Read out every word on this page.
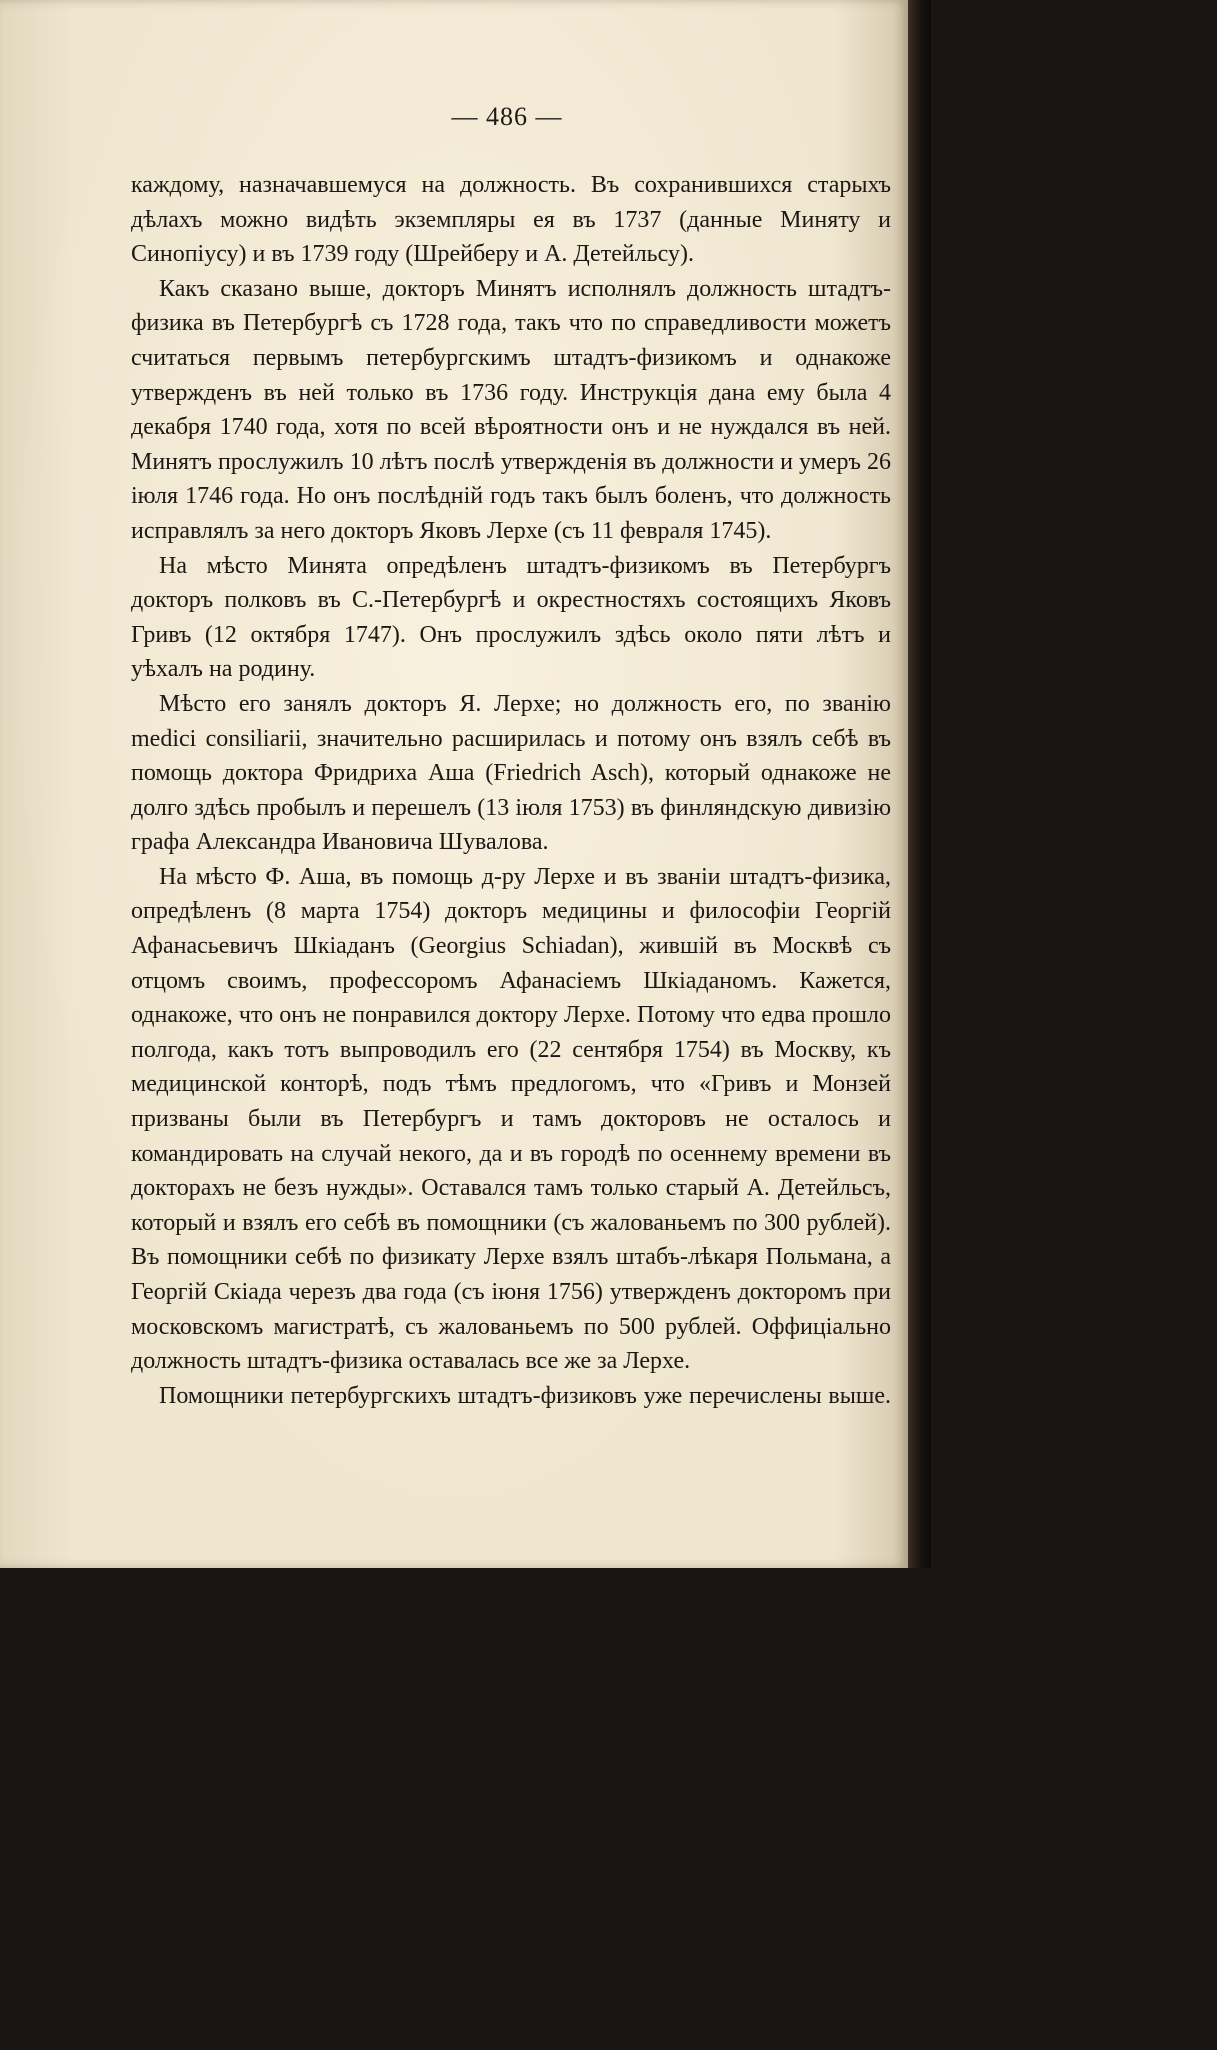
— 486 —

каждому, назначавшемуся на должность. Въ сохранившихся старыхъ дѣлахъ можно видѣть экземпляры ея въ 1737 (данные Миняту и Синопіусу) и въ 1739 году (Шрейберу и А. Детейльсу).

Какъ сказано выше, докторъ Минятъ исполнялъ должность штадтъ-физика въ Петербургѣ съ 1728 года, такъ что по справедливости можетъ считаться первымъ петербургскимъ штадтъ-физикомъ и однакоже утвержденъ въ ней только въ 1736 году. Инструкція дана ему была 4 декабря 1740 года, хотя по всей вѣроятности онъ и не нуждался въ ней. Минятъ прослужилъ 10 лѣтъ послѣ утвержденія въ должности и умеръ 26 іюля 1746 года. Но онъ послѣдній годъ такъ былъ боленъ, что должность исправлялъ за него докторъ Яковъ Лерхе (съ 11 февраля 1745).

На мѣсто Минята опредѣленъ штадтъ-физикомъ въ Петербургъ докторъ полковъ въ С.-Петербургѣ и окрестностяхъ состоящихъ Яковъ Гривъ (12 октября 1747). Онъ прослужилъ здѣсь около пяти лѣтъ и уѣхалъ на родину.

Мѣсто его занялъ докторъ Я. Лерхе; но должность его, по званію medici consiliarii, значительно расширилась и потому онъ взялъ себѣ въ помощь доктора Фридриха Аша (Friedrich Asch), который однакоже не долго здѣсь пробылъ и перешелъ (13 іюля 1753) въ финляндскую дивизію графа Александра Ивановича Шувалова.

На мѣсто Ф. Аша, въ помощь д-ру Лерхе и въ званіи штадтъ-физика, опредѣленъ (8 марта 1754) докторъ медицины и философіи Георгій Афанасьевичъ Шкіаданъ (Georgius Schiadan), жившій въ Москвѣ съ отцомъ своимъ, профессоромъ Афанасіемъ Шкіаданомъ. Кажется, однакоже, что онъ не понравился доктору Лерхе. Потому что едва прошло полгода, какъ тотъ выпроводилъ его (22 сентября 1754) въ Москву, къ медицинской конторѣ, подъ тѣмъ предлогомъ, что «Гривъ и Монзей призваны были въ Петербургъ и тамъ докторовъ не осталось и командировать на случай некого, да и въ городѣ по осеннему времени въ докторахъ не безъ нужды». Оставался тамъ только старый А. Детейльсъ, который и взялъ его себѣ въ помощники (съ жалованьемъ по 300 рублей). Въ помощники себѣ по физикату Лерхе взялъ штабъ-лѣкаря Польмана, а Георгій Скіада черезъ два года (съ іюня 1756) утвержденъ докторомъ при московскомъ магистратѣ, съ жалованьемъ по 500 рублей. Оффиціально должность штадтъ-физика оставалась все же за Лерхе.

Помощники петербургскихъ штадтъ-физиковъ уже перечислены выше.
